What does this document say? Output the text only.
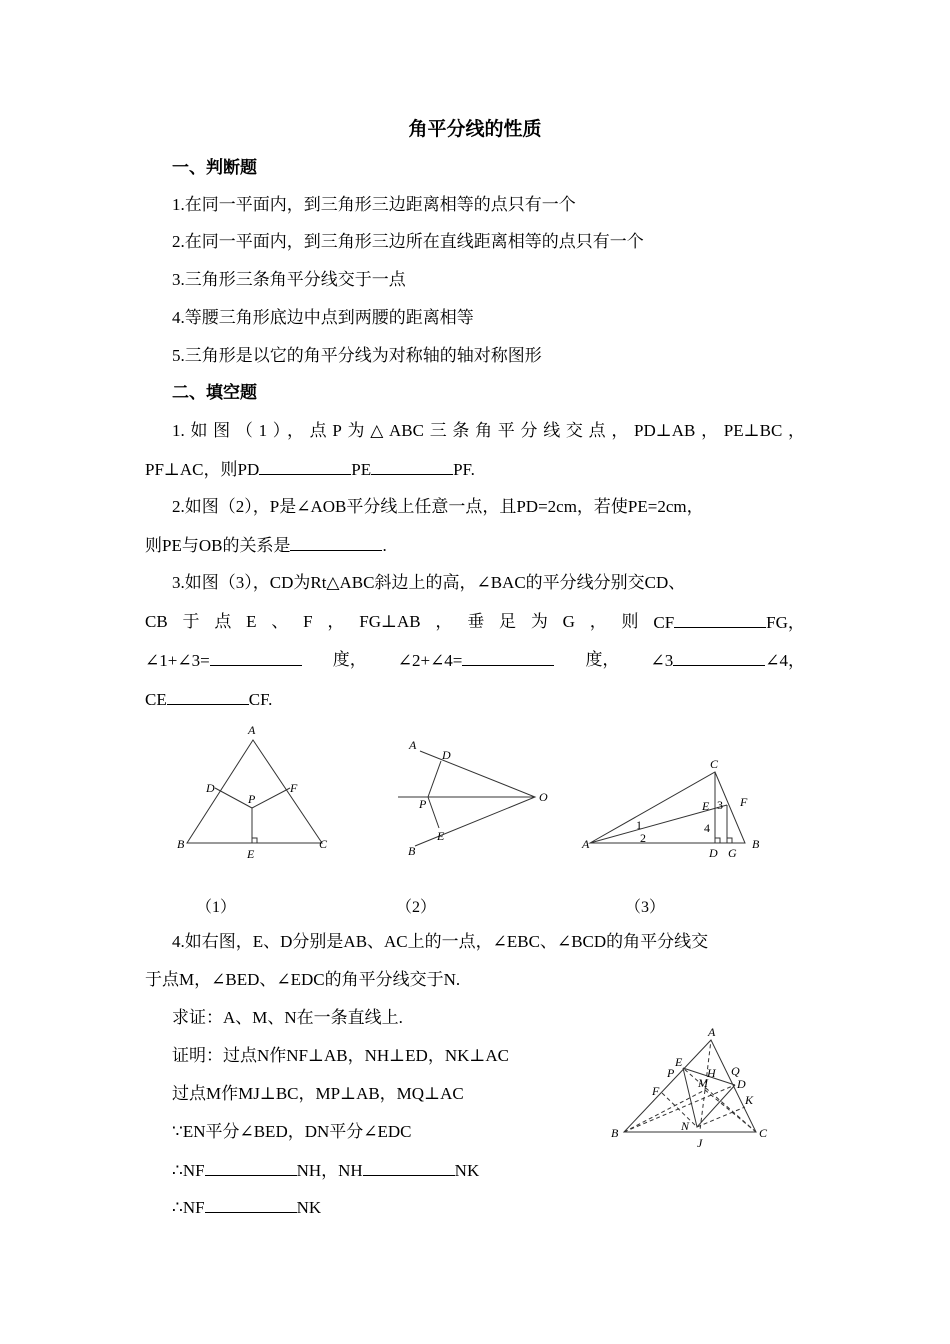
角平分线的性质
一、判断题
1.在同一平面内，到三角形三边距离相等的点只有一个
2.在同一平面内，到三角形三边所在直线距离相等的点只有一个
3.三角形三条角平分线交于一点
4.等腰三角形底边中点到两腰的距离相等
5.三角形是以它的角平分线为对称轴的轴对称图形
二、填空题
1.如图（1），点P为△ABC三条角平分线交点，PD⊥AB，PE⊥BC，
PF⊥AC，则PD	PE	PF.
2.如图（2），P是∠AOB平分线上任意一点，且PD=2cm，若使PE=2cm，
则PE与OB的关系是	.
3.如图（3），CD为Rt△ABC斜边上的高，∠BAC的平分线分别交CD、
CB 于 点 E 、 F ， FG⊥AB ， 垂 足 为 G ， 则 CF	FG，
∠1+∠3=	度， ∠2+∠4=	度， ∠3	∠4，
CE	CF.
A
B	C
D
E
F
P
A
B
O
D
E
P
A	B
C
D
E	F
G
1
2
3
4
A
B	C
D
E
F
H
J
K
M
N
P	Q
（1）	（2）	（3）
4.如右图，E、D分别是AB、AC上的一点，∠EBC、∠BCD的角平分线交
于点M，∠BED、∠EDC的角平分线交于N.
求证：A、M、N在一条直线上.
证明：过点N作NF⊥AB，NH⊥ED，NK⊥AC
过点M作MJ⊥BC，MP⊥AB，MQ⊥AC
∵EN平分∠BED，DN平分∠EDC
∴NF	NH，NH	NK
∴NF	NK
